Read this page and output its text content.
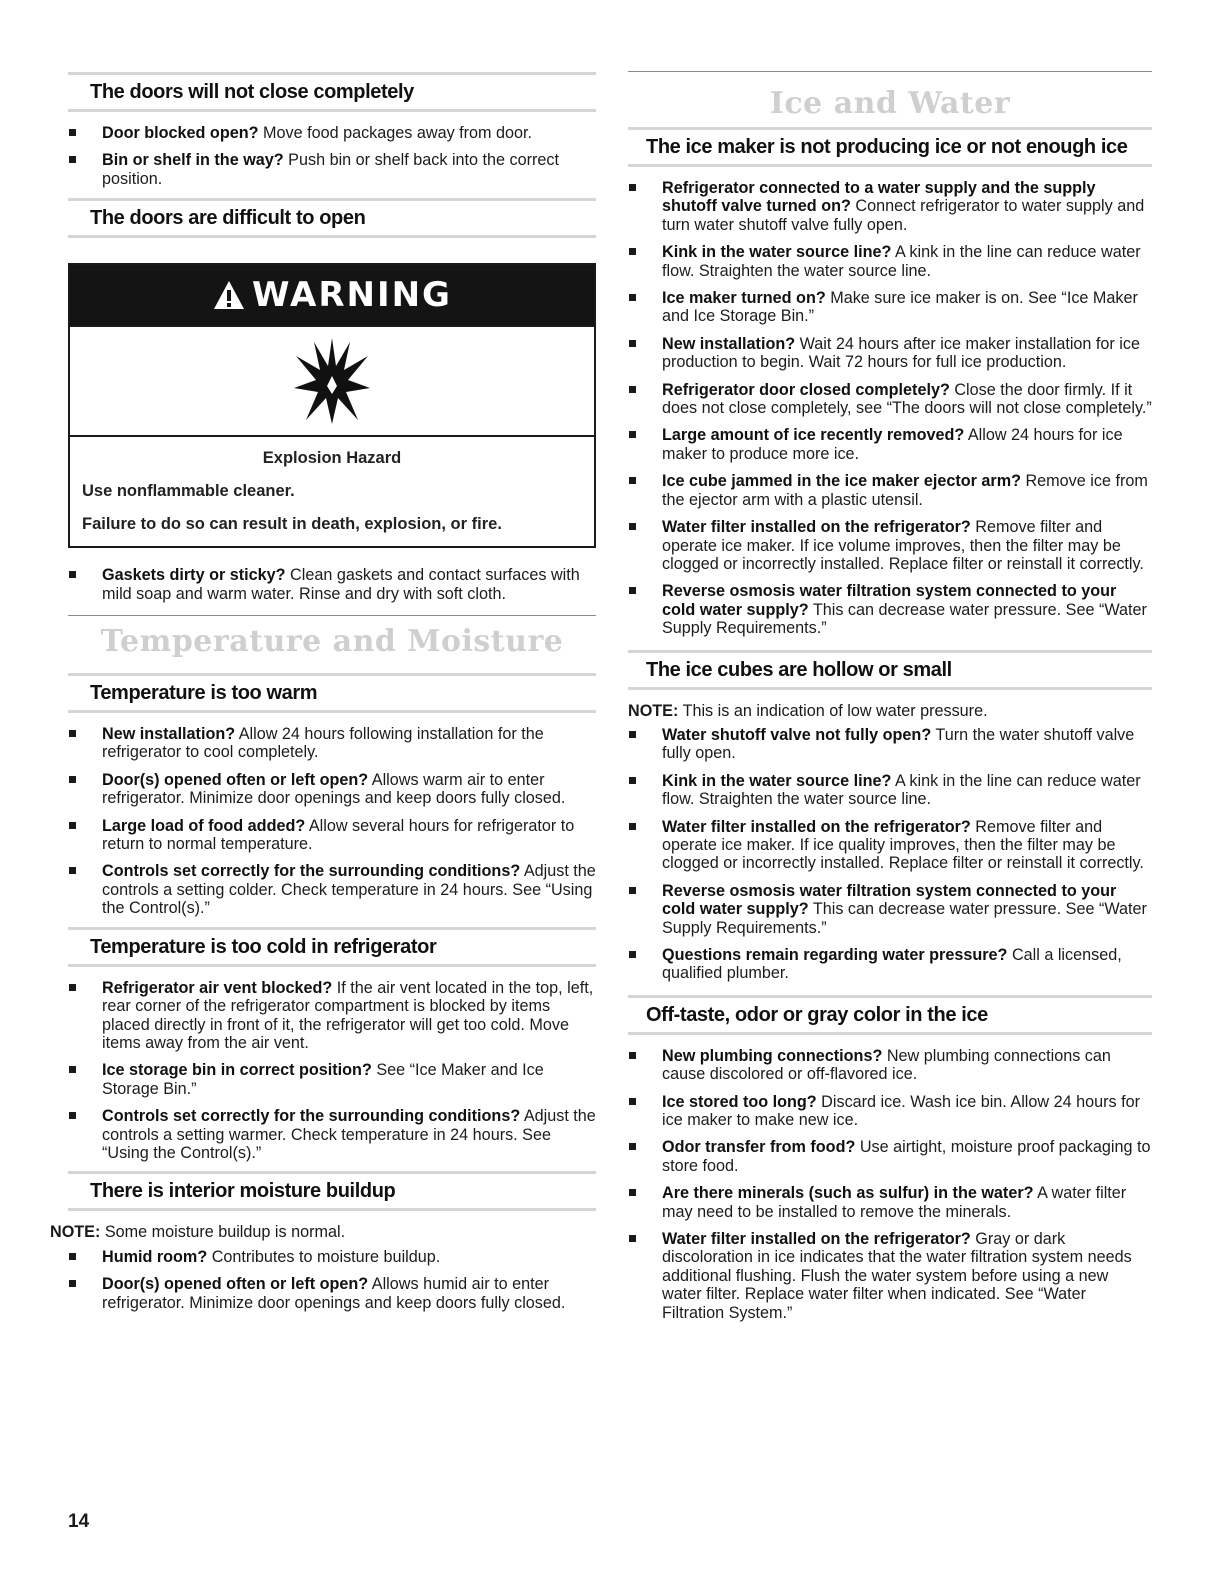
The doors will not close completely
Door blocked open? Move food packages away from door.
Bin or shelf in the way? Push bin or shelf back into the correct position.
The doors are difficult to open
WARNING

Explosion Hazard

Use nonflammable cleaner.

Failure to do so can result in death, explosion, or fire.

Gaskets dirty or sticky? Clean gaskets and contact surfaces with mild soap and warm water. Rinse and dry with soft cloth.
Temperature and Moisture
Temperature is too warm
New installation? Allow 24 hours following installation for the refrigerator to cool completely.
Door(s) opened often or left open? Allows warm air to enter refrigerator. Minimize door openings and keep doors fully closed.
Large load of food added? Allow several hours for refrigerator to return to normal temperature.
Controls set correctly for the surrounding conditions? Adjust the controls a setting colder. Check temperature in 24 hours. See “Using the Control(s).”
Temperature is too cold in refrigerator
Refrigerator air vent blocked? If the air vent located in the top, left, rear corner of the refrigerator compartment is blocked by items placed directly in front of it, the refrigerator will get too cold. Move items away from the air vent.
Ice storage bin in correct position? See “Ice Maker and Ice Storage Bin.”
Controls set correctly for the surrounding conditions? Adjust the controls a setting warmer. Check temperature in 24 hours. See “Using the Control(s).”
There is interior moisture buildup

NOTE: Some moisture buildup is normal.

Humid room? Contributes to moisture buildup.
Door(s) opened often or left open? Allows humid air to enter refrigerator. Minimize door openings and keep doors fully closed.
Ice and Water
The ice maker is not producing ice or not enough ice
Refrigerator connected to a water supply and the supply shutoff valve turned on? Connect refrigerator to water supply and turn water shutoff valve fully open.
Kink in the water source line? A kink in the line can reduce water flow. Straighten the water source line.
Ice maker turned on? Make sure ice maker is on. See “Ice Maker and Ice Storage Bin.”
New installation? Wait 24 hours after ice maker installation for ice production to begin. Wait 72 hours for full ice production.
Refrigerator door closed completely? Close the door firmly. If it does not close completely, see “The doors will not close completely.”
Large amount of ice recently removed? Allow 24 hours for ice maker to produce more ice.
Ice cube jammed in the ice maker ejector arm? Remove ice from the ejector arm with a plastic utensil.
Water filter installed on the refrigerator? Remove filter and operate ice maker. If ice volume improves, then the filter may be clogged or incorrectly installed. Replace filter or reinstall it correctly.
Reverse osmosis water filtration system connected to your cold water supply? This can decrease water pressure. See “Water Supply Requirements.”
The ice cubes are hollow or small

NOTE: This is an indication of low water pressure.

Water shutoff valve not fully open? Turn the water shutoff valve fully open.
Kink in the water source line? A kink in the line can reduce water flow. Straighten the water source line.
Water filter installed on the refrigerator? Remove filter and operate ice maker. If ice quality improves, then the filter may be clogged or incorrectly installed. Replace filter or reinstall it correctly.
Reverse osmosis water filtration system connected to your cold water supply? This can decrease water pressure. See “Water Supply Requirements.”
Questions remain regarding water pressure? Call a licensed, qualified plumber.
Off-taste, odor or gray color in the ice
New plumbing connections? New plumbing connections can cause discolored or off-flavored ice.
Ice stored too long? Discard ice. Wash ice bin. Allow 24 hours for ice maker to make new ice.
Odor transfer from food? Use airtight, moisture proof packaging to store food.
Are there minerals (such as sulfur) in the water? A water filter may need to be installed to remove the minerals.
Water filter installed on the refrigerator? Gray or dark discoloration in ice indicates that the water filtration system needs additional flushing. Flush the water system before using a new water filter. Replace water filter when indicated. See “Water Filtration System.”
14
